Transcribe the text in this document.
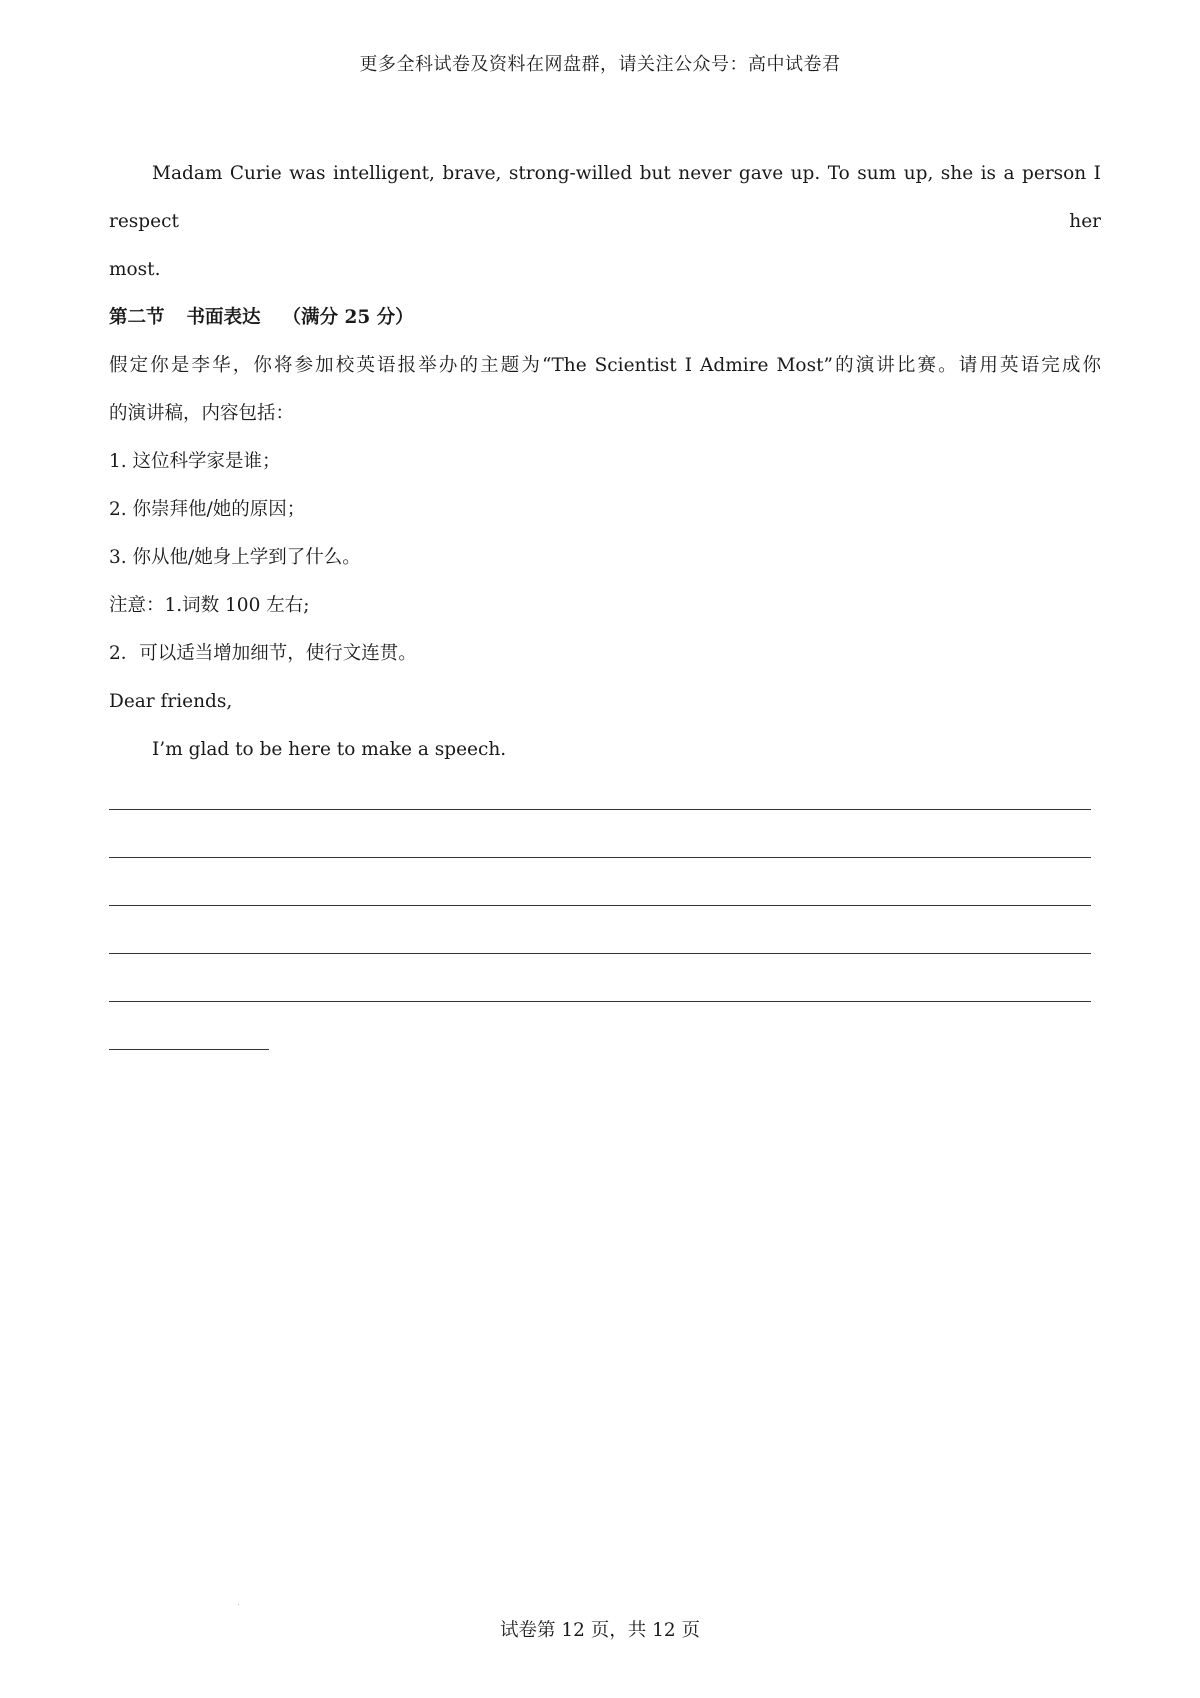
更多全科试卷及资料在网盘群，请关注公众号：高中试卷君

Madam Curie was intelligent, brave, strong-willed but never gave up. To sum up, she is a person I respect her

most.

第二节 书面表达 （满分 25 分）

假定你是李华，你将参加校英语报举办的主题为“The Scientist I Admire Most”的演讲比赛。请用英语完成你

的演讲稿，内容包括：

1. 这位科学家是谁；

2. 你崇拜他/她的原因；

3. 你从他/她身上学到了什么。

注意：1.词数 100 左右;

2．可以适当增加细节，使行文连贯。

Dear friends,

I’m glad to be here to make a speech.

试卷第 12 页，共 12 页
